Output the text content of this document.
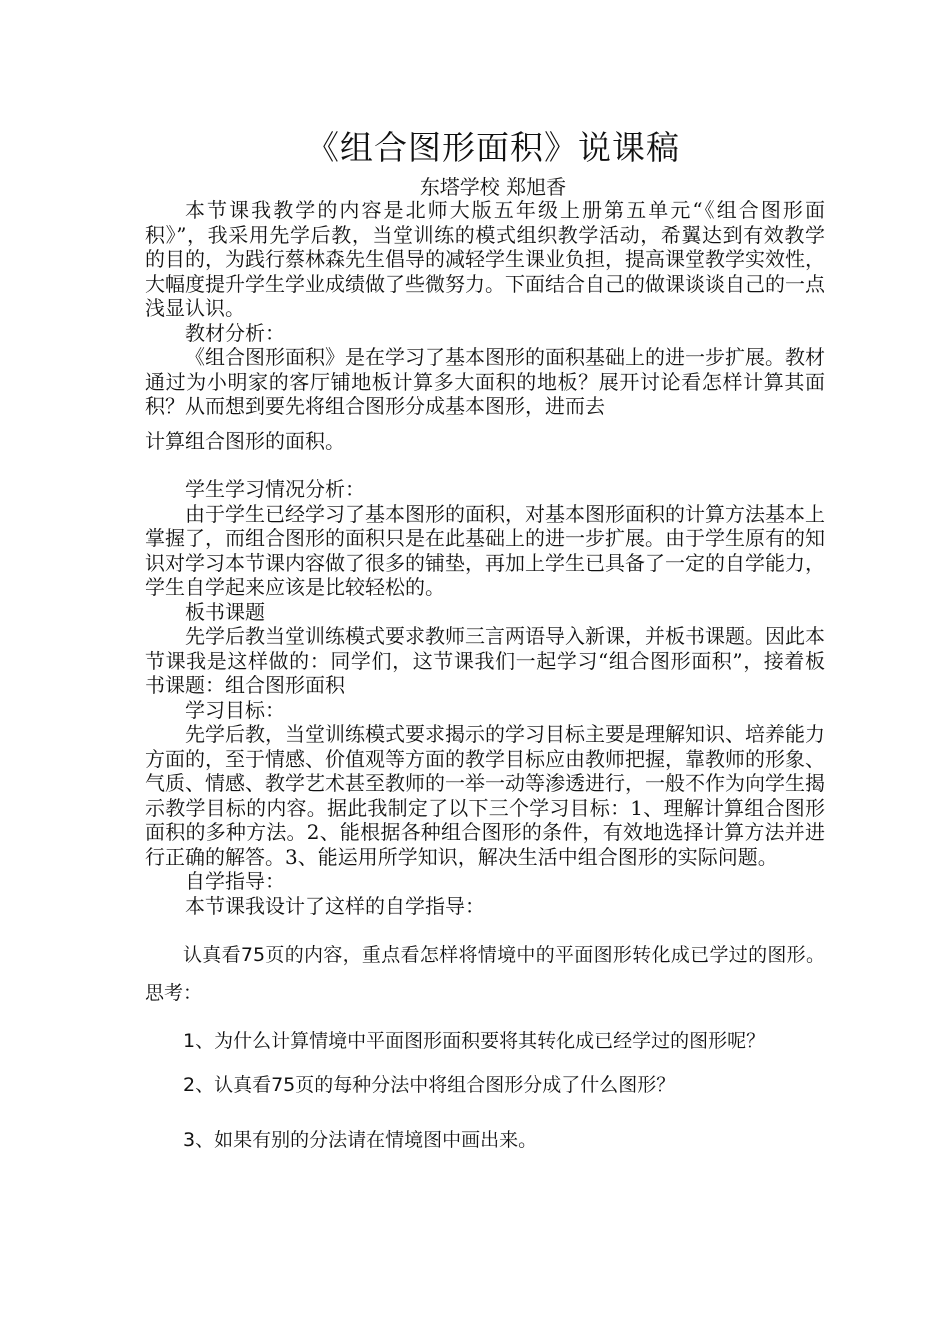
《组合图形面积》说课稿
东塔学校 郑旭香

本节课我教学的内容是北师大版五年级上册第五单元“《组合图形面积》”，我采用先学后教，当堂训练的模式组织教学活动，希翼达到有效教学的目的，为践行蔡林森先生倡导的减轻学生课业负担，提高课堂教学实效性，大幅度提升学生学业成绩做了些微努力。下面结合自己的做课谈谈自己的一点浅显认识。

教材分析：

《组合图形面积》是在学习了基本图形的面积基础上的进一步扩展。教材通过为小明家的客厅铺地板计算多大面积的地板？展开讨论看怎样计算其面积？从而想到要先将组合图形分成基本图形，进而去

计算组合图形的面积。

学生学习情况分析：

由于学生已经学习了基本图形的面积，对基本图形面积的计算方法基本上掌握了，而组合图形的面积只是在此基础上的进一步扩展。由于学生原有的知识对学习本节课内容做了很多的铺垫，再加上学生已具备了一定的自学能力，学生自学起来应该是比较轻松的。

板书课题

先学后教当堂训练模式要求教师三言两语导入新课，并板书课题。因此本节课我是这样做的：同学们，这节课我们一起学习“组合图形面积”，接着板书课题：组合图形面积

学习目标：

先学后教，当堂训练模式要求揭示的学习目标主要是理解知识、培养能力方面的，至于情感、价值观等方面的教学目标应由教师把握，靠教师的形象、气质、情感、教学艺术甚至教师的一举一动等渗透进行，一般不作为向学生揭示教学目标的内容。据此我制定了以下三个学习目标：1、理解计算组合图形面积的多种方法。2、能根据各种组合图形的条件，有效地选择计算方法并进行正确的解答。3、能运用所学知识，解决生活中组合图形的实际问题。

自学指导：

本节课我设计了这样的自学指导：

认真看75页的内容，重点看怎样将情境中的平面图形转化成已学过的图形。思考：

1、为什么计算情境中平面图形面积要将其转化成已经学过的图形呢？

2、认真看75页的每种分法中将组合图形分成了什么图形？

3、如果有别的分法请在情境图中画出来。
